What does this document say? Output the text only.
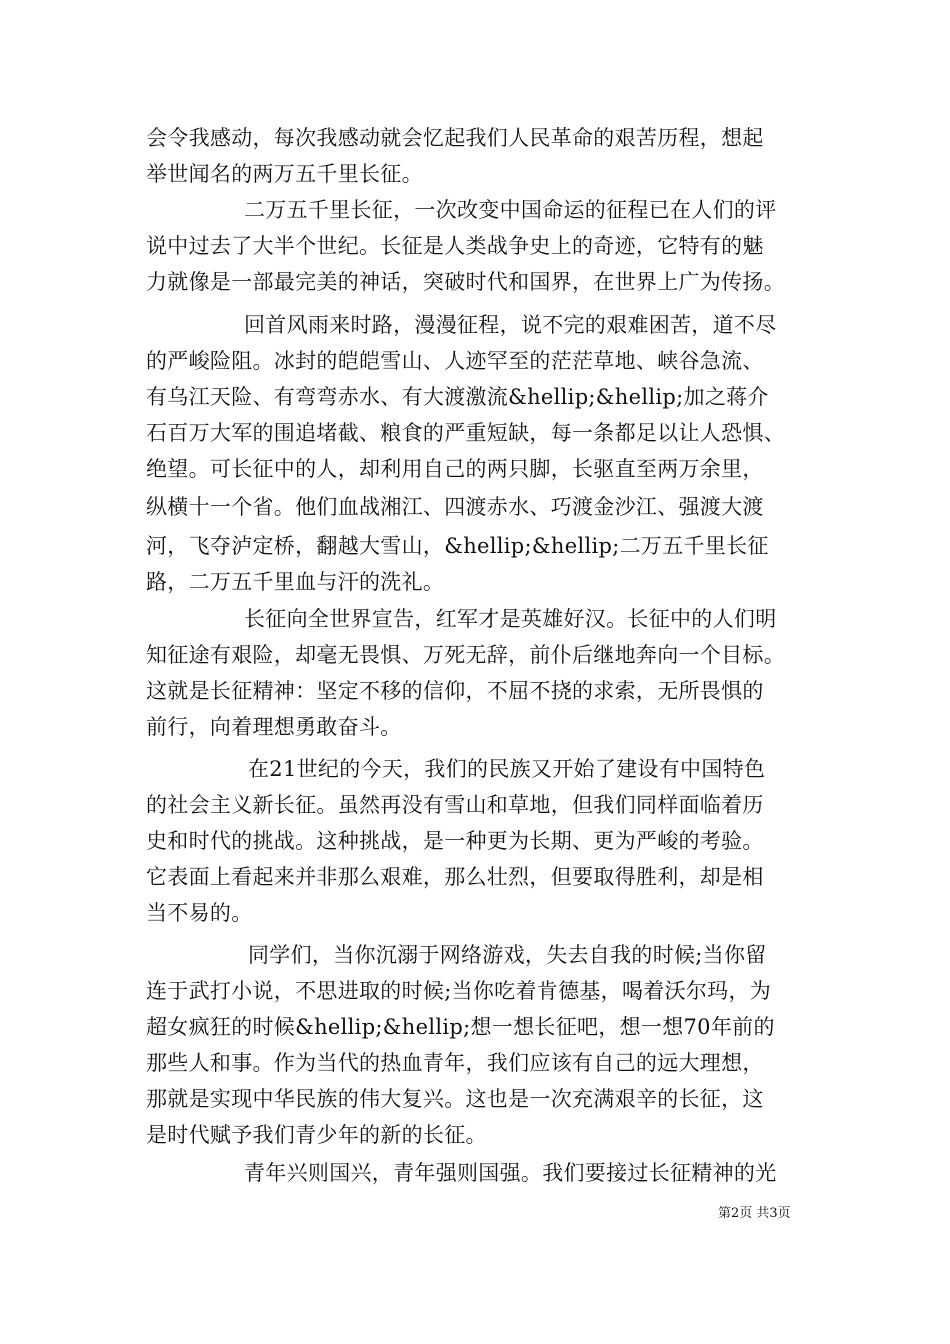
会令我感动，每次我感动就会忆起我们人民革命的艰苦历程，想起
举世闻名的两万五千里长征。
二万五千里长征，一次改变中国命运的征程已在人们的评
说中过去了大半个世纪。长征是人类战争史上的奇迹，它特有的魅
力就像是一部最完美的神话，突破时代和国界，在世界上广为传扬。
回首风雨来时路，漫漫征程，说不完的艰难困苦，道不尽
的严峻险阻。冰封的皑皑雪山、人迹罕至的茫茫草地、峡谷急流、
有乌江天险、有弯弯赤水、有大渡激流&hellip;&hellip;加之蒋介
石百万大军的围追堵截、粮食的严重短缺，每一条都足以让人恐惧、
绝望。可长征中的人，却利用自己的两只脚，长驱直至两万余里，
纵横十一个省。他们血战湘江、四渡赤水、巧渡金沙江、强渡大渡
河，飞夺泸定桥，翻越大雪山，&hellip;&hellip;二万五千里长征
路，二万五千里血与汗的洗礼。
长征向全世界宣告，红军才是英雄好汉。长征中的人们明
知征途有艰险，却毫无畏惧、万死无辞，前仆后继地奔向一个目标。
这就是长征精神：坚定不移的信仰，不屈不挠的求索，无所畏惧的
前行，向着理想勇敢奋斗。
在21世纪的今天，我们的民族又开始了建设有中国特色
的社会主义新长征。虽然再没有雪山和草地，但我们同样面临着历
史和时代的挑战。这种挑战，是一种更为长期、更为严峻的考验。
它表面上看起来并非那么艰难，那么壮烈，但要取得胜利，却是相
当不易的。
同学们，当你沉溺于网络游戏，失去自我的时候;当你留
连于武打小说，不思进取的时候;当你吃着肯德基，喝着沃尔玛，为
超女疯狂的时候&hellip;&hellip;想一想长征吧，想一想70年前的
那些人和事。作为当代的热血青年，我们应该有自己的远大理想，
那就是实现中华民族的伟大复兴。这也是一次充满艰辛的长征，这
是时代赋予我们青少年的新的长征。
青年兴则国兴，青年强则国强。我们要接过长征精神的光
第2页 共3页
